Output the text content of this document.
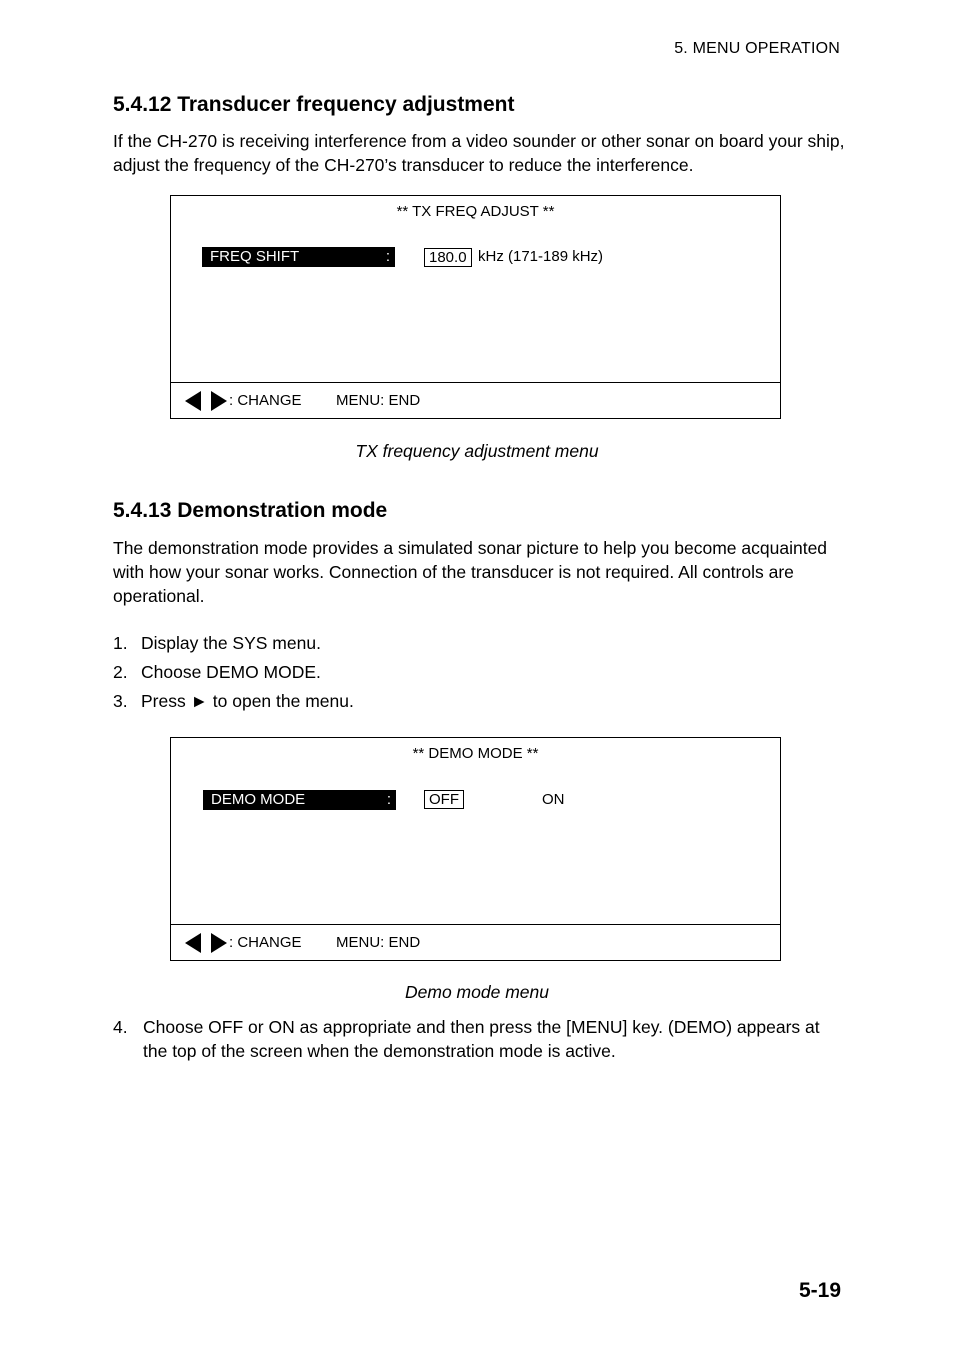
5. MENU OPERATION
5.4.12 Transducer frequency adjustment

If the CH-270 is receiving interference from a video sounder or other sonar on board your ship, adjust the frequency of the CH-270’s transducer to reduce the interference.

** TX FREQ ADJUST **
FREQ SHIFT	:	180.0 kHz (171-189 kHz)
: CHANGE MENU: END
TX frequency adjustment menu
5.4.13 Demonstration mode

The demonstration mode provides a simulated sonar picture to help you become acquainted with how your sonar works. Connection of the transducer is not required. All controls are operational.

1. Display the SYS menu.
2. Choose DEMO MODE.
3. Press ► to open the menu.
** DEMO MODE **
DEMO MODE	:	OFF	ON
: CHANGE MENU: END
Demo mode menu
4. Choose OFF or ON as appropriate and then press the [MENU] key. (DEMO) appears at the top of the screen when the demonstration mode is active.
5-19
